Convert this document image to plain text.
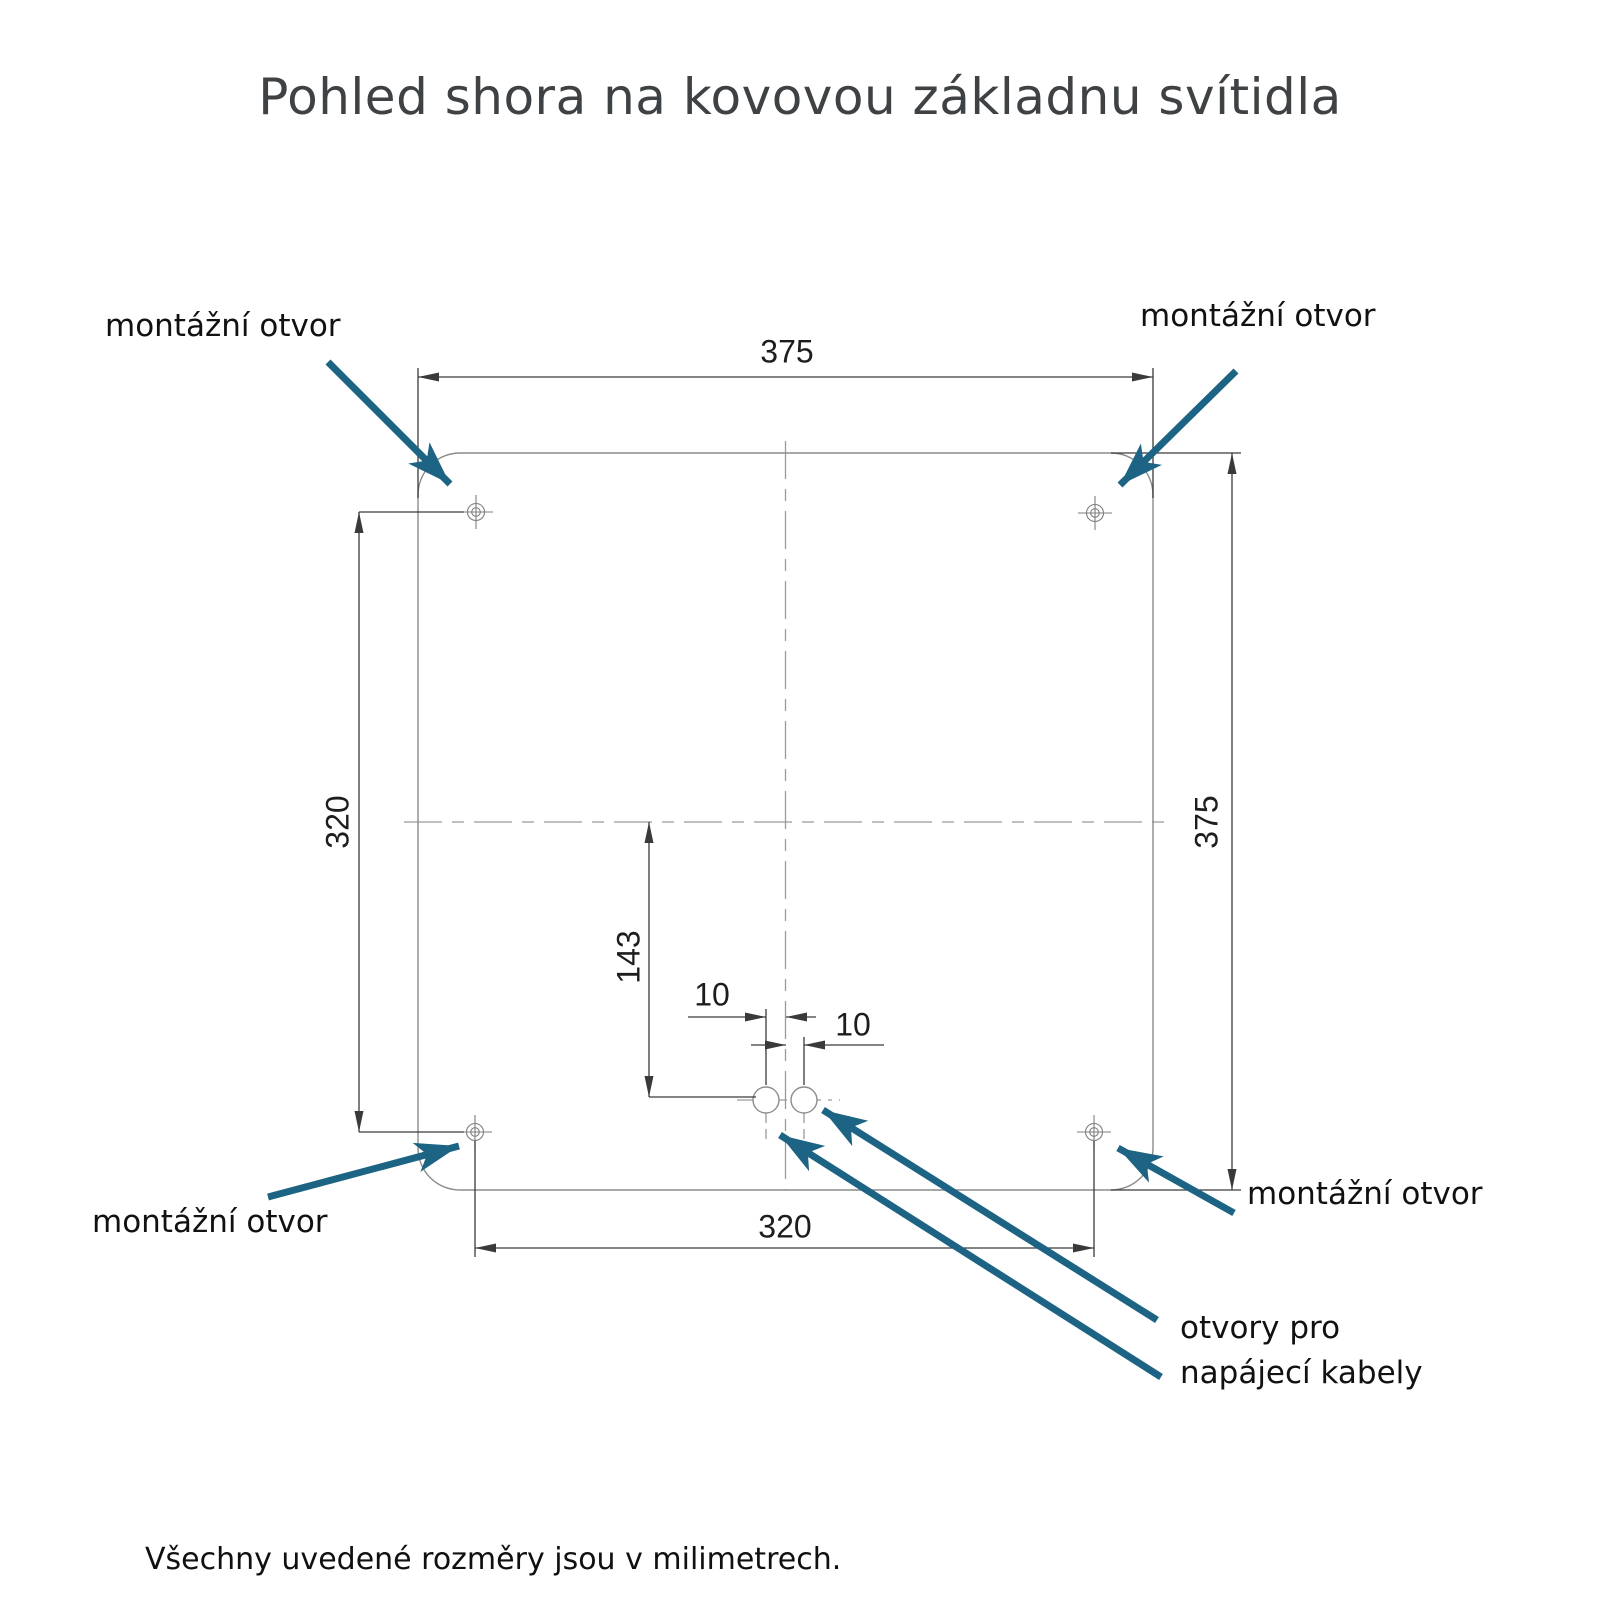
Pohled shora na kovovou základnu svítidla
montážní otvor	montážní otvor
montážní otvor
montážní otvor
otvory pro
napájecí kabely
375
320	375
320
143
10
10
Všechny uvedené rozměry jsou v milimetrech.
